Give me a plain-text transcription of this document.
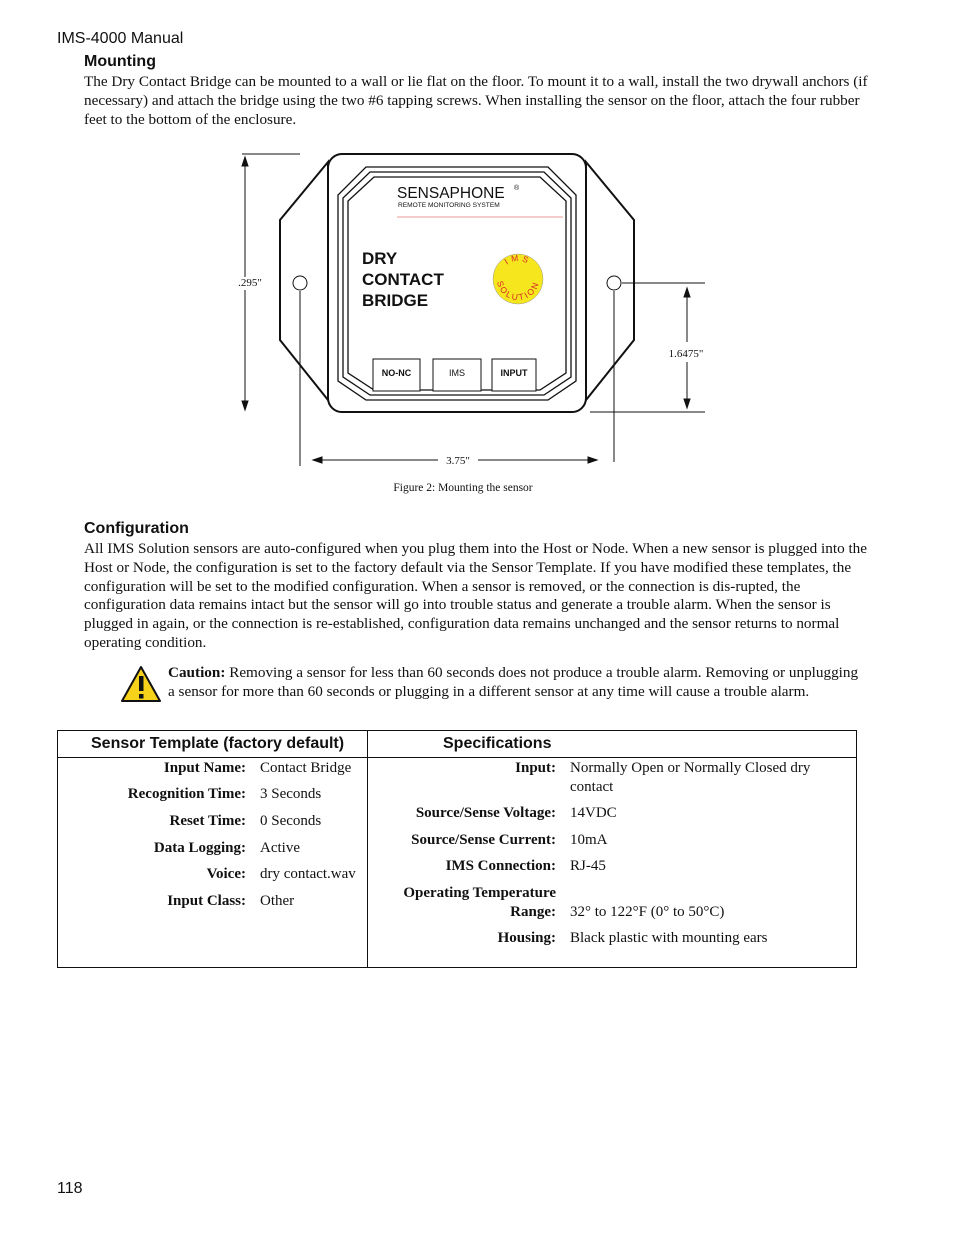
IMS-4000 Manual
Mounting

The Dry Contact Bridge can be mounted to a wall or lie flat on the floor. To mount it to a wall, install the two drywall anchors (if necessary) and attach the bridge using the two #6 tapping screws. When installing the sensor on the floor, attach the four rubber feet to the bottom of the enclosure.

SENSAPHONE ®
REMOTE MONITORING SYSTEM
DRY
CONTACT
BRIDGE
IMS
SOLUTION
NO-NC	IMS	INPUT
.295"
1.6475"
3.75"
Figure 2: Mounting the sensor
Configuration

All IMS Solution sensors are auto-configured when you plug them into the Host or Node. When a new sensor is plugged into the Host or Node, the configuration is set to the factory default via the Sensor Template. If you have modified these templates, the configuration will be set to the modified configuration. When a sensor is removed, or the connection is dis-rupted, the configuration data remains intact but the sensor will go into trouble status and generate a trouble alarm. When the sensor is plugged in again, or the connection is re-established, configuration data remains unchanged and the sensor returns to normal operating condition.

Caution: Removing a sensor for less than 60 seconds does not produce a trouble alarm. Removing or unplugging a sensor for more than 60 seconds or plugging in a different sensor at any time will cause a trouble alarm.

Sensor Template (factory default)	Specifications
Input Name: Contact Bridge
Recognition Time: 3 Seconds
Reset Time: 0 Seconds
Data Logging: Active
Voice: dry contact.wav
Input Class: Other
Input: Normally Open or Normally Closed dry contact
Source/Sense Voltage: 14VDC
Source/Sense Current: 10mA
IMS Connection: RJ-45
Operating Temperature Range: 32° to 122°F (0° to 50°C)
Housing: Black plastic with mounting ears
118
